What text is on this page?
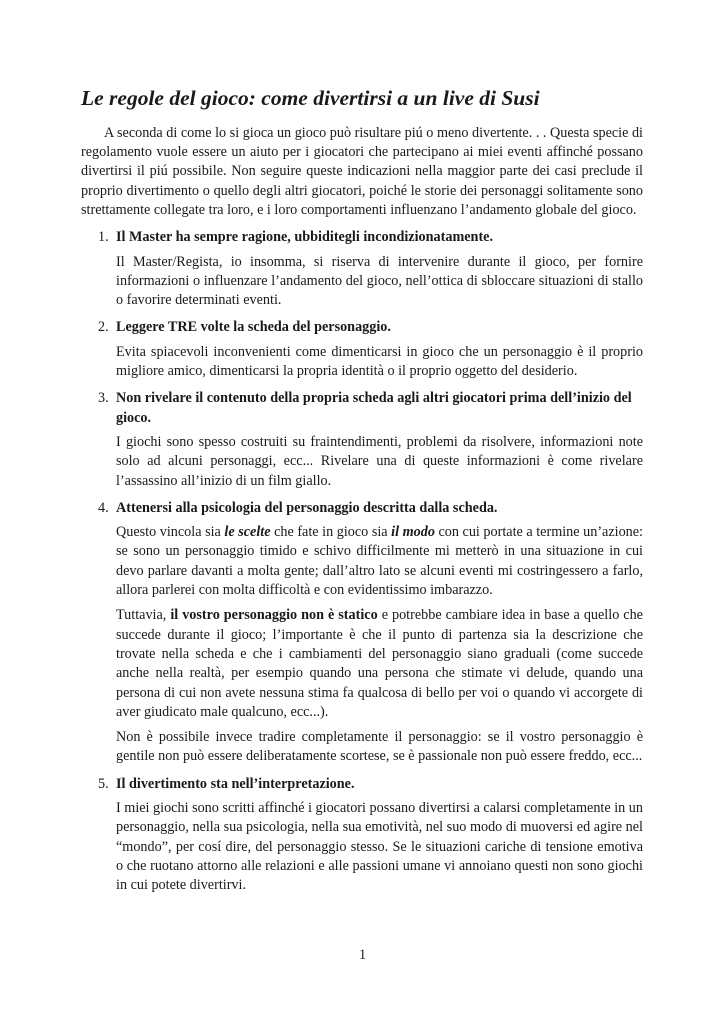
Le regole del gioco: come divertirsi a un live di Susi

A seconda di come lo si gioca un gioco può risultare piú o meno divertente. . . Questa specie di regolamento vuole essere un aiuto per i giocatori che partecipano ai miei eventi affinché possano divertirsi il piú possibile. Non seguire queste indicazioni nella maggior parte dei casi preclude il proprio divertimento o quello degli altri giocatori, poiché le storie dei personaggi solitamente sono strettamente collegate tra loro, e i loro comportamenti influenzano l’andamento globale del gioco.

1. Il Master ha sempre ragione, ubbiditegli incondizionatamente.

Il Master/Regista, io insomma, si riserva di intervenire durante il gioco, per fornire informazioni o influenzare l’andamento del gioco, nell’ottica di sbloccare situazioni di stallo o favorire determinati eventi.

2. Leggere TRE volte la scheda del personaggio.

Evita spiacevoli inconvenienti come dimenticarsi in gioco che un personaggio è il proprio migliore amico, dimenticarsi la propria identità o il proprio oggetto del desiderio.

3. Non rivelare il contenuto della propria scheda agli altri giocatori prima dell’inizio del gioco.

I giochi sono spesso costruiti su fraintendimenti, problemi da risolvere, informazioni note solo ad alcuni personaggi, ecc... Rivelare una di queste informazioni è come rivelare l’assassino all’inizio di un film giallo.

4. Attenersi alla psicologia del personaggio descritta dalla scheda.

Questo vincola sia le scelte che fate in gioco sia il modo con cui portate a termine un’azione: se sono un personaggio timido e schivo difficilmente mi metterò in una situazione in cui devo parlare davanti a molta gente; dall’altro lato se alcuni eventi mi costringessero a farlo, allora parlerei con molta difficoltà e con evidentissimo imbarazzo.

Tuttavia, il vostro personaggio non è statico e potrebbe cambiare idea in base a quello che succede durante il gioco; l’importante è che il punto di partenza sia la descrizione che trovate nella scheda e che i cambiamenti del personaggio siano graduali (come succede anche nella realtà, per esempio quando una persona che stimate vi delude, quando una persona di cui non avete nessuna stima fa qualcosa di bello per voi o quando vi accorgete di aver giudicato male qualcuno, ecc...).

Non è possibile invece tradire completamente il personaggio: se il vostro personaggio è gentile non può essere deliberatamente scortese, se è passionale non può essere freddo, ecc...

5. Il divertimento sta nell’interpretazione.

I miei giochi sono scritti affinché i giocatori possano divertirsi a calarsi completamente in un personaggio, nella sua psicologia, nella sua emotività, nel suo modo di muoversi ed agire nel “mondo”, per cosí dire, del personaggio stesso. Se le situazioni cariche di tensione emotiva o che ruotano attorno alle relazioni e alle passioni umane vi annoiano questi non sono giochi in cui potete divertirvi.

1
